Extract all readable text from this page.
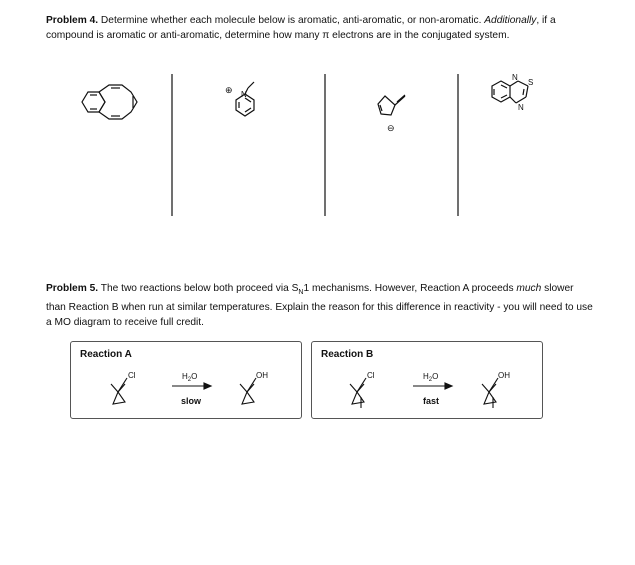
Problem 4. Determine whether each molecule below is aromatic, anti-aromatic, or non-aromatic. Additionally, if a compound is aromatic or anti-aromatic, determine how many π electrons are in the conjugated system.
⊕ N
⊖
N
S
N
Problem 5. The two reactions below both proceed via $S_N1$ mechanisms. However, Reaction A proceeds much slower than Reaction B when run at similar temperatures. Explain the reason for this difference in reactivity - you will need to use a MO diagram to receive full credit.
Reaction A
Cl	$H_2O$
slow
OH
Reaction B
Cl	$H_2O$
fast
OH
